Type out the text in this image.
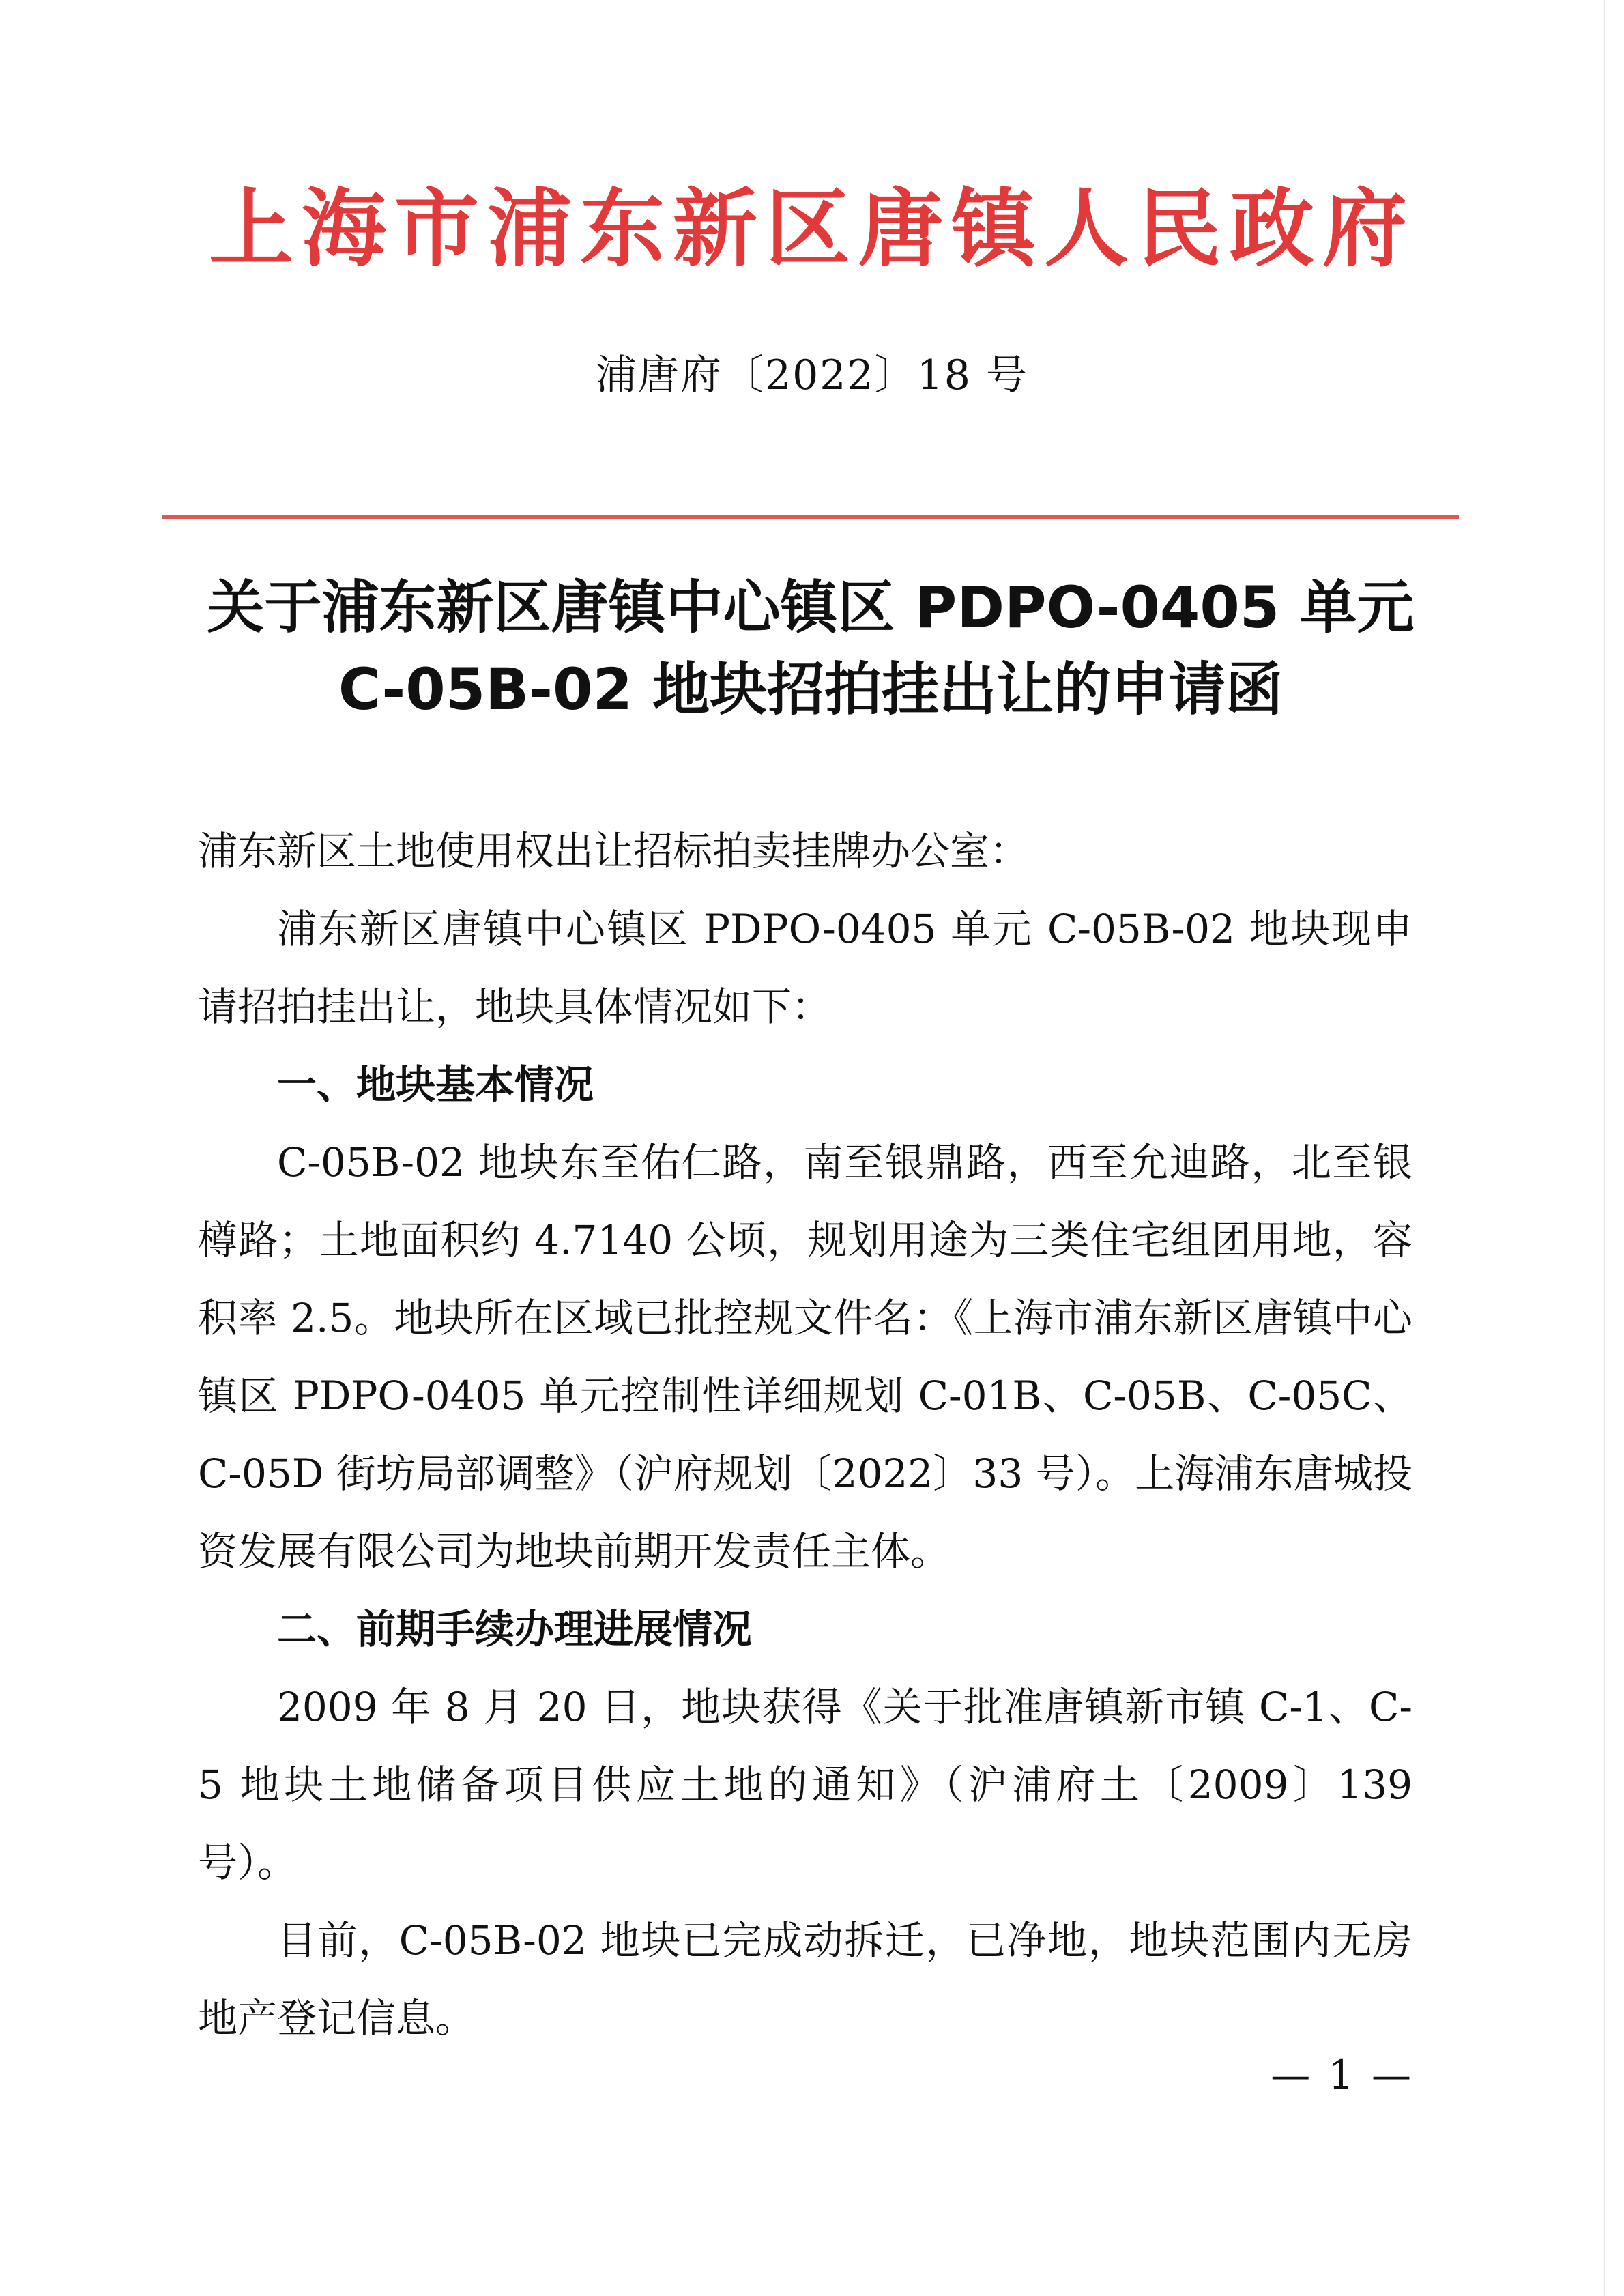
上海市浦东新区唐镇人民政府
浦唐府〔2022〕18 号
关于浦东新区唐镇中心镇区 PDPO-0405 单元
C-05B-02 地块招拍挂出让的申请函

浦东新区土地使用权出让招标拍卖挂牌办公室：

浦东新区唐镇中心镇区 PDPO-0405 单元 C-05B-02 地块现申请招拍挂出让，地块具体情况如下：

一、地块基本情况

C-05B-02 地块东至佑仁路，南至银鼎路，西至允迪路，北至银樽路；土地面积约 4.7140 公顷，规划用途为三类住宅组团用地，容积率 2.5。地块所在区域已批控规文件名：《上海市浦东新区唐镇中心镇区 PDPO-0405 单元控制性详细规划 C-01B、C-05B、C-05C、C-05D 街坊局部调整》（沪府规划〔2022〕33 号）。上海浦东唐城投资发展有限公司为地块前期开发责任主体。

二、前期手续办理进展情况

2009 年 8 月 20 日，地块获得《关于批准唐镇新市镇 C-1、C-5 地块土地储备项目供应土地的通知》（沪浦府土〔2009〕139 号）。

目前，C-05B-02 地块已完成动拆迁，已净地，地块范围内无房地产登记信息。

— 1 —
